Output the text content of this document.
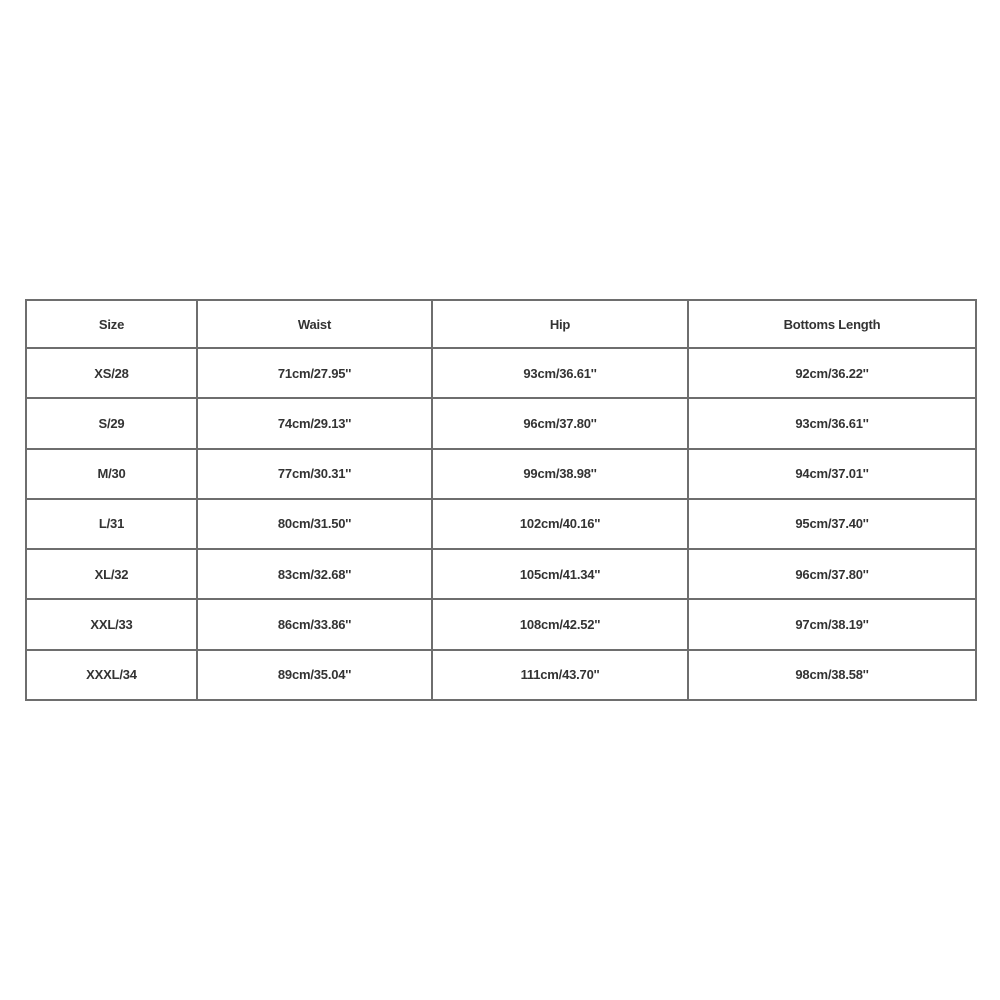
Size	Waist	Hip	Bottoms Length
XS/28	71cm/27.95''	93cm/36.61''	92cm/36.22''
S/29	74cm/29.13''	96cm/37.80''	93cm/36.61''
M/30	77cm/30.31''	99cm/38.98''	94cm/37.01''
L/31	80cm/31.50''	102cm/40.16''	95cm/37.40''
XL/32	83cm/32.68''	105cm/41.34''	96cm/37.80''
XXL/33	86cm/33.86''	108cm/42.52''	97cm/38.19''
XXXL/34	89cm/35.04''	111cm/43.70''	98cm/38.58''
